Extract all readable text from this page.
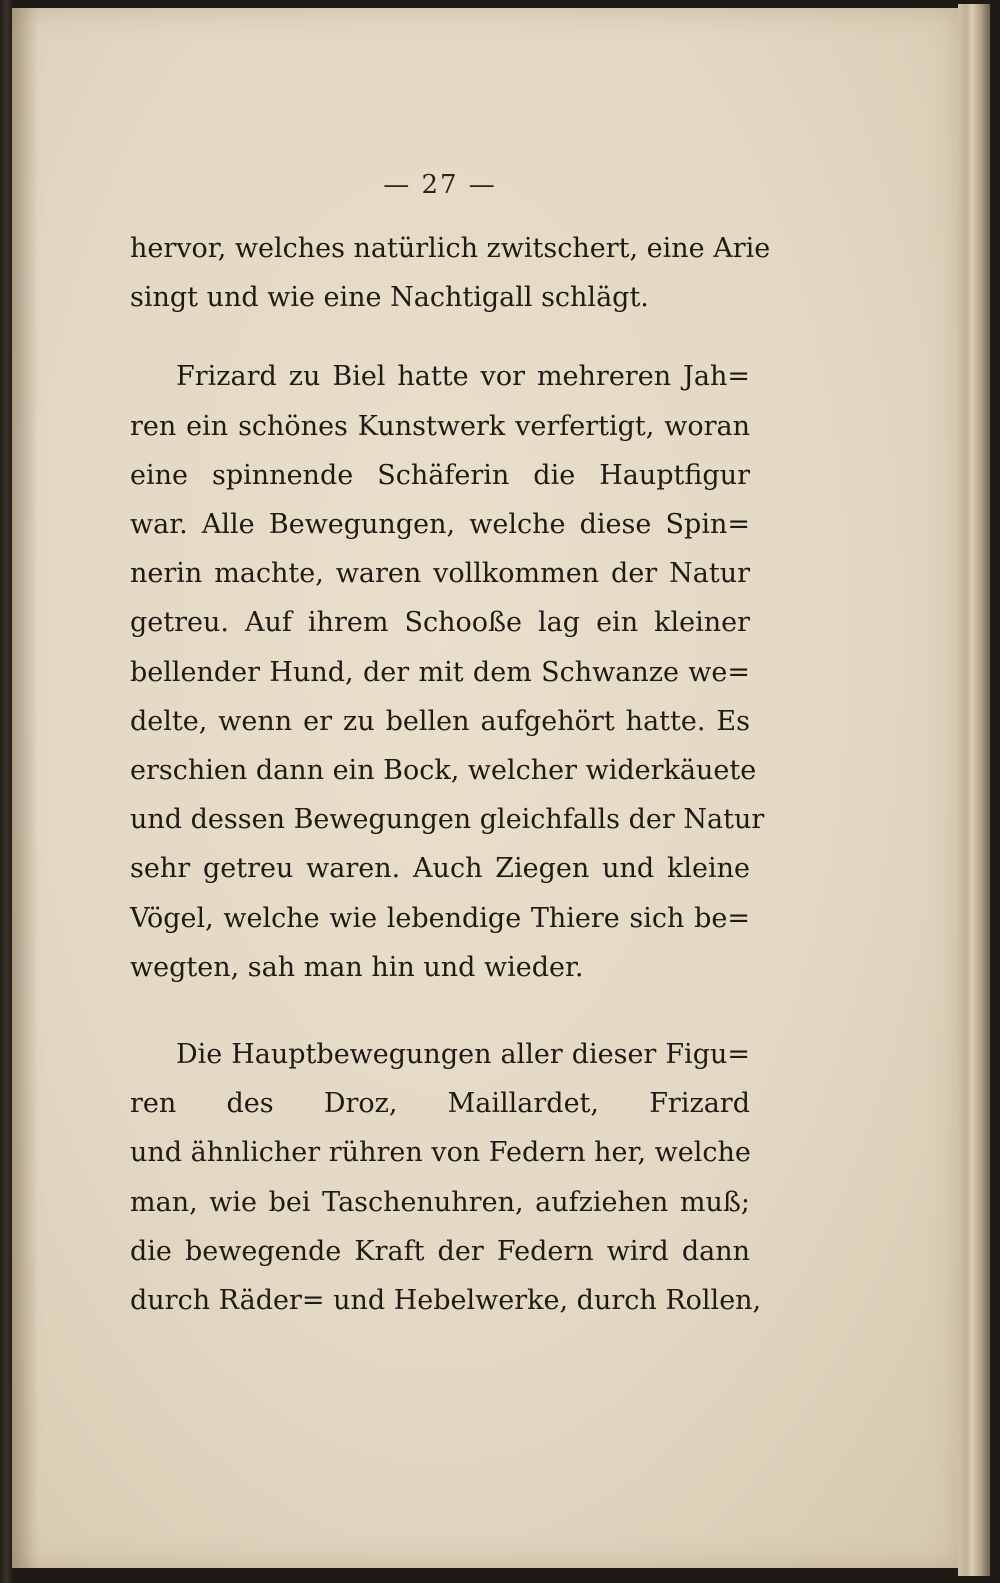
— 27 —
hervor, welches natürlich zwitschert, eine Arie
singt und wie eine Nachtigall schlägt.
Frizard zu Biel hatte vor mehreren Jah=
ren ein schönes Kunstwerk verfertigt, woran
eine spinnende Schäferin die Hauptfigur
war. Alle Bewegungen, welche diese Spin=
nerin machte, waren vollkommen der Natur
getreu. Auf ihrem Schooße lag ein kleiner
bellender Hund, der mit dem Schwanze we=
delte, wenn er zu bellen aufgehört hatte. Es
erschien dann ein Bock, welcher widerkäuete
und dessen Bewegungen gleichfalls der Natur
sehr getreu waren. Auch Ziegen und kleine
Vögel, welche wie lebendige Thiere sich be=
wegten, sah man hin und wieder.
Die Hauptbewegungen aller dieser Figu=
ren des Droz, Maillardet, Frizard
und ähnlicher rühren von Federn her, welche
man, wie bei Taschenuhren, aufziehen muß;
die bewegende Kraft der Federn wird dann
durch Räder= und Hebelwerke, durch Rollen,
